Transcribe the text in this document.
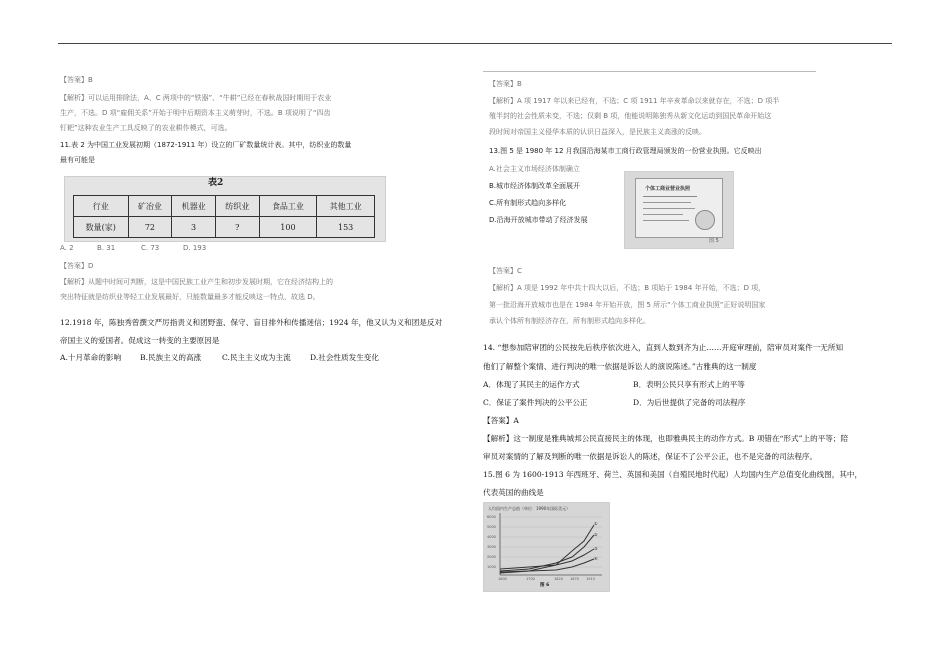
【答案】B
【解析】可以运用排除法，A、C 两项中的“铁器”、“牛耕”已经在春秋战国时期用于农业
生产，不选。D 项“雇佣关系”开始于明中后期资本主义萌芽时，不选。B 项说明了“四齿
钉耙”这种农业生产工具反映了的农业耕作模式，可选。
11.表 2 为中国工业发展初期（1872-1911 年）设立的厂矿数量统计表。其中，纺织业的数量
最有可能是
表2
行业	矿冶业	机器业	纺织业	食品工业	其他工业
数量(家)	72	3	?	100	153
A. 2	B. 31	C. 73	D. 193
【答案】D
【解析】从题中时间可判断，这是中国民族工业产生和初步发展时期，它在经济结构上的
突出特征就是纺织业等轻工业发展最好，只能数量最多才能反映这一特点，故选 D。
12.1918 年，陈独秀曾撰文严厉指责义和团野蛮、保守、盲目排外和传播迷信；1924 年，他又认为义和团是反对
帝国主义的爱国者。促成这一转变的主要原因是
A.十月革命的影响 B.民族主义的高涨	C.民主主义成为主流	D.社会性质发生变化
【答案】B
【解析】A 项 1917 年以来已经有，不选；C 项 1911 年辛亥革命以来就存在，不选；D 项半
殖半封的社会性质未变，不选；仅剩 B 项，他能说明陈独秀从新文化运动到国民革命开始这
段时间对帝国主义侵华本质的认识日益深入，是民族主义高涨的反映。
13.图 5 是 1980 年 12 月我国沿海某市工商行政管理局颁发的一份营业执照。它反映出
A.社会主义市场经济体制确立
B.城市经济体制改革全面展开
C.所有制形式趋向多样化
D.沿海开放城市带动了经济发展
个体工商业营业执照
图 5
【答案】C
【解析】A 项是 1992 年中共十四大以后，不选；B 项始于 1984 年开始，不选；D 项，
第一批沿海开放城市也是在 1984 年开始开放，图 5 所示“个体工商业执照”正好说明国家
承认个体所有制经济存在，所有制形式趋向多样化。
14. “想参加陪审团的公民按先后秩序依次进入，直到人数到齐为止……开庭审理前，陪审员对案件一无所知
他们了解整个案情、进行判决的唯一依据是诉讼人的演说陈述。”古雅典的这一制度
A．体现了其民主的运作方式	B．表明公民只享有形式上的平等
C．保证了案件判决的公平公正	D．为后世提供了完备的司法程序
【答案】A
【解析】这一制度是雅典城邦公民直接民主的体现，也即雅典民主的动作方式。B 项错在“形式”上的平等；陪
审员对案情的了解及判断的唯一依据是诉讼人的陈述，保证不了公平公正，也不是完备的司法程序。
15.图 6 为 1600-1913 年西班牙、荷兰、英国和美国（自殖民地时代起）人均国内生产总值变化曲线图，其中，
代表英国的曲线是
人均国内生产总值（单位：1990年国际美元）
6000
5000
4000
3000
2000
1000
①
②
③
④
1600	1700	1820 1870 1913
图 6
